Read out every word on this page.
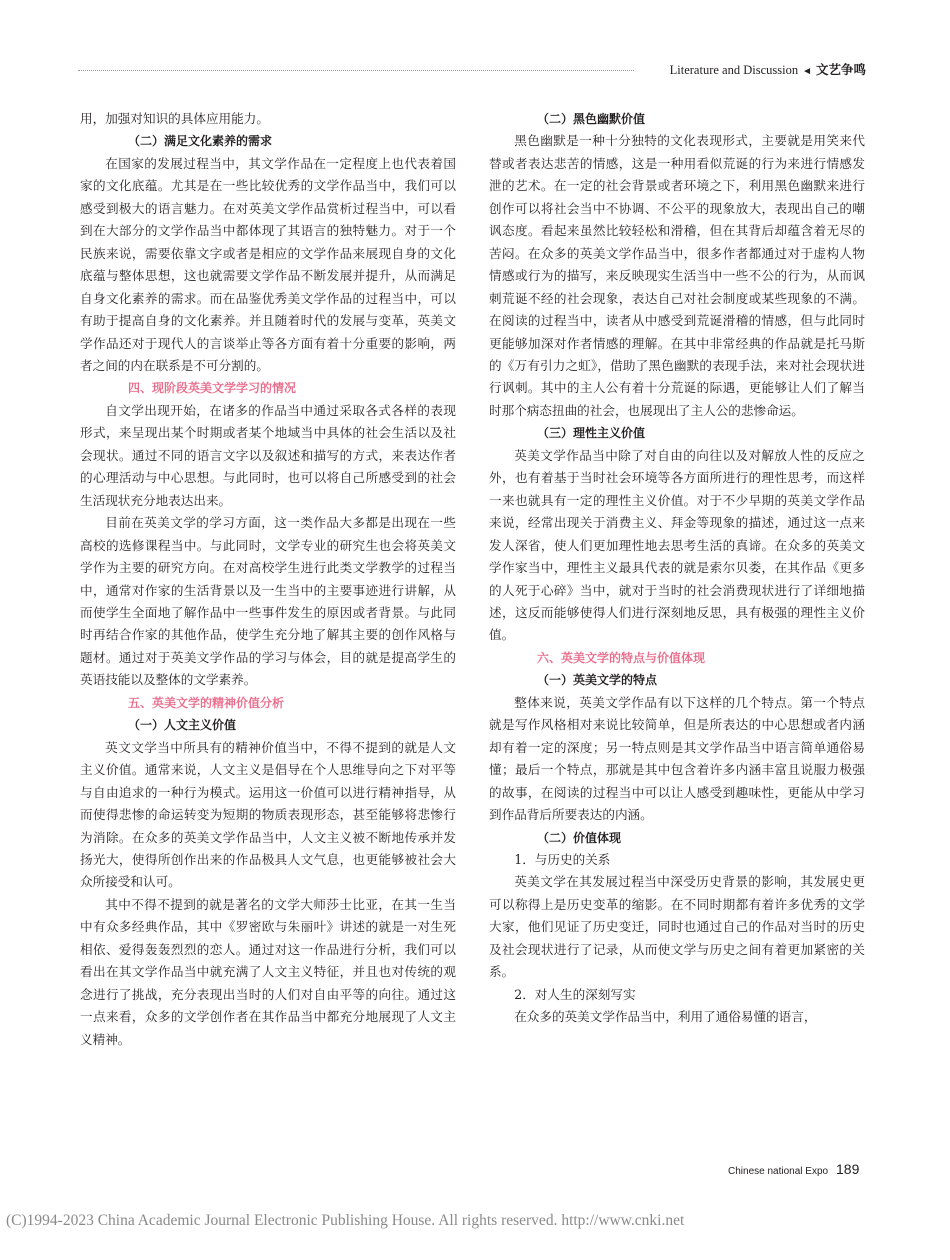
Literature and Discussion ◄ 文艺争鸣

用，加强对知识的具体应用能力。

（二）满足文化素养的需求

在国家的发展过程当中，其文学作品在一定程度上也代表着国家的文化底蕴。尤其是在一些比较优秀的文学作品当中，我们可以感受到极大的语言魅力。在对英美文学作品赏析过程当中，可以看到在大部分的文学作品当中都体现了其语言的独特魅力。对于一个民族来说，需要依靠文字或者是相应的文学作品来展现自身的文化底蕴与整体思想，这也就需要文学作品不断发展并提升，从而满足自身文化素养的需求。而在品鉴优秀美文学作品的过程当中，可以有助于提高自身的文化素养。并且随着时代的发展与变革，英美文学作品还对于现代人的言谈举止等各方面有着十分重要的影响，两者之间的内在联系是不可分割的。

四、现阶段英美文学学习的情况

自文学出现开始，在诸多的作品当中通过采取各式各样的表现形式，来呈现出某个时期或者某个地域当中具体的社会生活以及社会现状。通过不同的语言文字以及叙述和描写的方式，来表达作者的心理活动与中心思想。与此同时，也可以将自己所感受到的社会生活现状充分地表达出来。

目前在英美文学的学习方面，这一类作品大多都是出现在一些高校的选修课程当中。与此同时，文学专业的研究生也会将英美文学作为主要的研究方向。在对高校学生进行此类文学教学的过程当中，通常对作家的生活背景以及一生当中的主要事迹进行讲解，从而使学生全面地了解作品中一些事件发生的原因或者背景。与此同时再结合作家的其他作品，使学生充分地了解其主要的创作风格与题材。通过对于英美文学作品的学习与体会，目的就是提高学生的英语技能以及整体的文学素养。

五、英美文学的精神价值分析

（一）人文主义价值

英文文学当中所具有的精神价值当中，不得不提到的就是人文主义价值。通常来说，人文主义是倡导在个人思维导向之下对平等与自由追求的一种行为模式。运用这一价值可以进行精神指导，从而使得悲惨的命运转变为短期的物质表现形态，甚至能够将悲惨行为消除。在众多的英美文学作品当中，人文主义被不断地传承并发扬光大，使得所创作出来的作品极具人文气息，也更能够被社会大众所接受和认可。

其中不得不提到的就是著名的文学大师莎士比亚，在其一生当中有众多经典作品，其中《罗密欧与朱丽叶》讲述的就是一对生死相依、爱得轰轰烈烈的恋人。通过对这一作品进行分析，我们可以看出在其文学作品当中就充满了人文主义特征，并且也对传统的观念进行了挑战，充分表现出当时的人们对自由平等的向往。通过这一点来看，众多的文学创作者在其作品当中都充分地展现了人文主义精神。

（二）黑色幽默价值

黑色幽默是一种十分独特的文化表现形式，主要就是用笑来代替或者表达悲苦的情感，这是一种用看似荒诞的行为来进行情感发泄的艺术。在一定的社会背景或者环境之下，利用黑色幽默来进行创作可以将社会当中不协调、不公平的现象放大，表现出自己的嘲讽态度。看起来虽然比较轻松和滑稽，但在其背后却蕴含着无尽的苦闷。在众多的英美文学作品当中，很多作者都通过对于虚构人物情感或行为的描写，来反映现实生活当中一些不公的行为，从而讽刺荒诞不经的社会现象，表达自己对社会制度或某些现象的不满。在阅读的过程当中，读者从中感受到荒诞滑稽的情感，但与此同时更能够加深对作者情感的理解。在其中非常经典的作品就是托马斯的《万有引力之虹》，借助了黑色幽默的表现手法，来对社会现状进行讽刺。其中的主人公有着十分荒诞的际遇，更能够让人们了解当时那个病态扭曲的社会，也展现出了主人公的悲惨命运。

（三）理性主义价值

英美文学作品当中除了对自由的向往以及对解放人性的反应之外，也有着基于当时社会环境等各方面所进行的理性思考，而这样一来也就具有一定的理性主义价值。对于不少早期的英美文学作品来说，经常出现关于消费主义、拜金等现象的描述，通过这一点来发人深省，使人们更加理性地去思考生活的真谛。在众多的英美文学作家当中，理性主义最具代表的就是索尔贝娄，在其作品《更多的人死于心碎》当中，就对于当时的社会消费现状进行了详细地描述，这反而能够使得人们进行深刻地反思，具有极强的理性主义价值。

六、英美文学的特点与价值体现

（一）英美文学的特点

整体来说，英美文学作品有以下这样的几个特点。第一个特点就是写作风格相对来说比较简单，但是所表达的中心思想或者内涵却有着一定的深度；另一特点则是其文学作品当中语言简单通俗易懂；最后一个特点，那就是其中包含着许多内涵丰富且说服力极强的故事，在阅读的过程当中可以让人感受到趣味性，更能从中学习到作品背后所要表达的内涵。

（二）价值体现

1．与历史的关系

英美文学在其发展过程当中深受历史背景的影响，其发展史更可以称得上是历史变革的缩影。在不同时期都有着许多优秀的文学大家，他们见证了历史变迁，同时也通过自己的作品对当时的历史及社会现状进行了记录，从而使文学与历史之间有着更加紧密的关系。

2．对人生的深刻写实

在众多的英美文学作品当中，利用了通俗易懂的语言，

Chinese national Expo 189
(C)1994-2023 China Academic Journal Electronic Publishing House. All rights reserved. http://www.cnki.net
